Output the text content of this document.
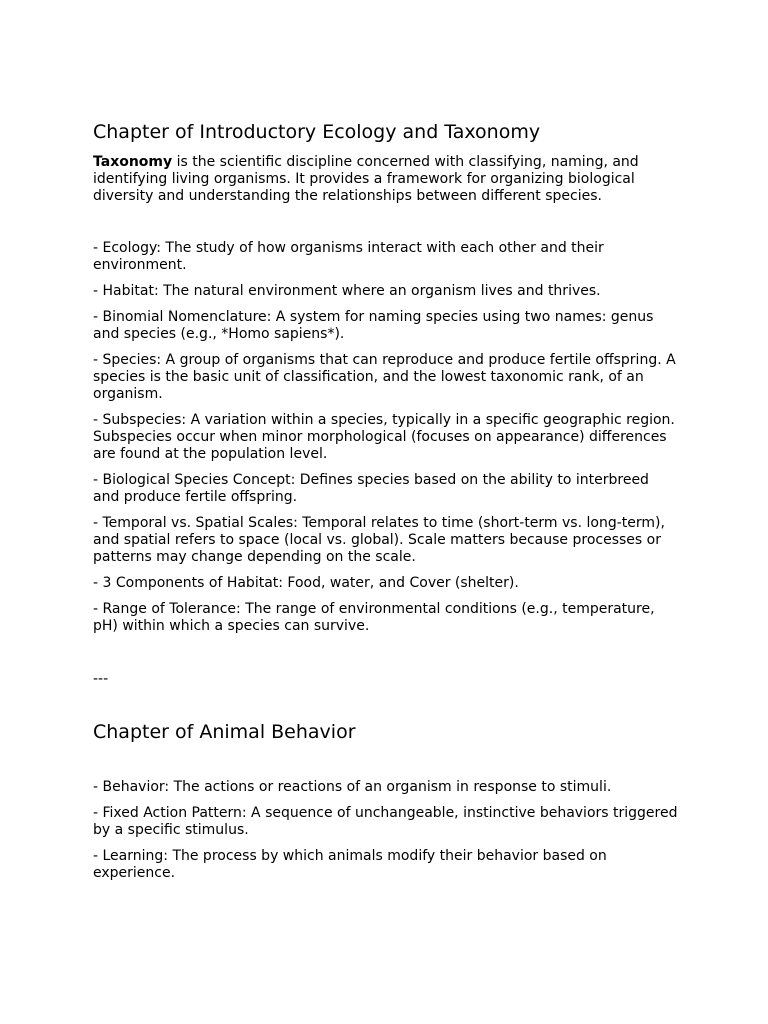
Chapter of Introductory Ecology and Taxonomy

Taxonomy is the scientific discipline concerned with classifying, naming, and identifying living organisms. It provides a framework for organizing biological diversity and understanding the relationships between different species.

- Ecology: The study of how organisms interact with each other and their environment.

- Habitat: The natural environment where an organism lives and thrives.

- Binomial Nomenclature: A system for naming species using two names: genus and species (e.g., *Homo sapiens*).

- Species: A group of organisms that can reproduce and produce fertile offspring. A species is the basic unit of classification, and the lowest taxonomic rank, of an organism.

- Subspecies: A variation within a species, typically in a specific geographic region. Subspecies occur when minor morphological (focuses on appearance) differences are found at the population level.

- Biological Species Concept: Defines species based on the ability to interbreed and produce fertile offspring.

- Temporal vs. Spatial Scales: Temporal relates to time (short-term vs. long-term), and spatial refers to space (local vs. global). Scale matters because processes or patterns may change depending on the scale.

- 3 Components of Habitat: Food, water, and Cover (shelter).

- Range of Tolerance: The range of environmental conditions (e.g., temperature, pH) within which a species can survive.

---

Chapter of Animal Behavior

- Behavior: The actions or reactions of an organism in response to stimuli.

- Fixed Action Pattern: A sequence of unchangeable, instinctive behaviors triggered by a specific stimulus.

- Learning: The process by which animals modify their behavior based on experience.
